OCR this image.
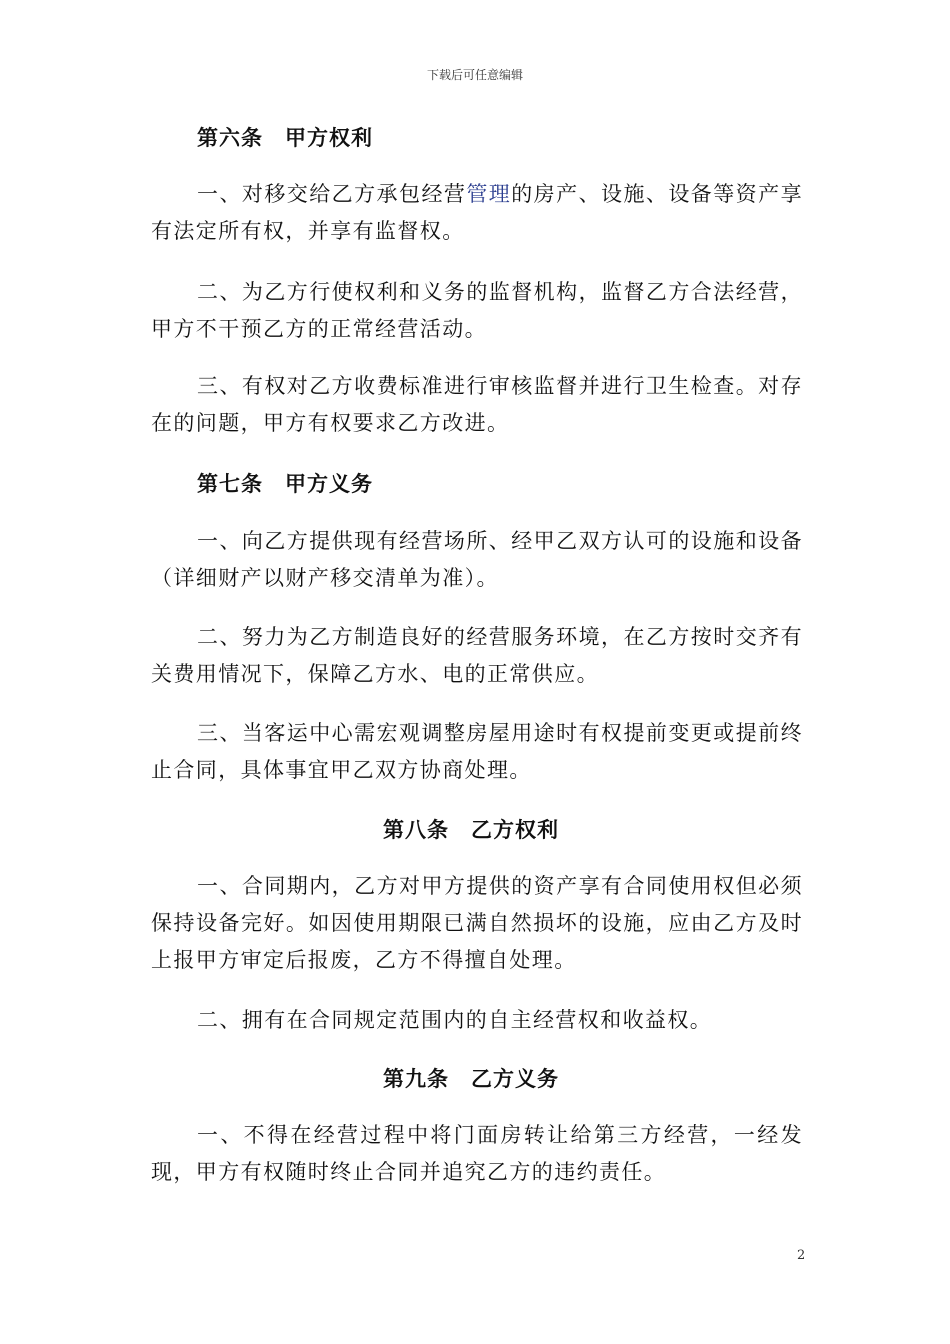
下载后可任意编辑
第六条　甲方权利
一、对移交给乙方承包经营管理的房产、设施、设备等资产享有法定所有权，并享有监督权。
二、为乙方行使权利和义务的监督机构，监督乙方合法经营，甲方不干预乙方的正常经营活动。
三、有权对乙方收费标准进行审核监督并进行卫生检查。对存在的问题，甲方有权要求乙方改进。
第七条　甲方义务
一、向乙方提供现有经营场所、经甲乙双方认可的设施和设备（详细财产以财产移交清单为准）。
二、努力为乙方制造良好的经营服务环境，在乙方按时交齐有关费用情况下，保障乙方水、电的正常供应。
三、当客运中心需宏观调整房屋用途时有权提前变更或提前终止合同，具体事宜甲乙双方协商处理。
第八条　乙方权利
一、合同期内，乙方对甲方提供的资产享有合同使用权但必须保持设备完好。如因使用期限已满自然损坏的设施，应由乙方及时上报甲方审定后报废，乙方不得擅自处理。
二、拥有在合同规定范围内的自主经营权和收益权。
第九条　乙方义务
一、不得在经营过程中将门面房转让给第三方经营，一经发现，甲方有权随时终止合同并追究乙方的违约责任。
2
